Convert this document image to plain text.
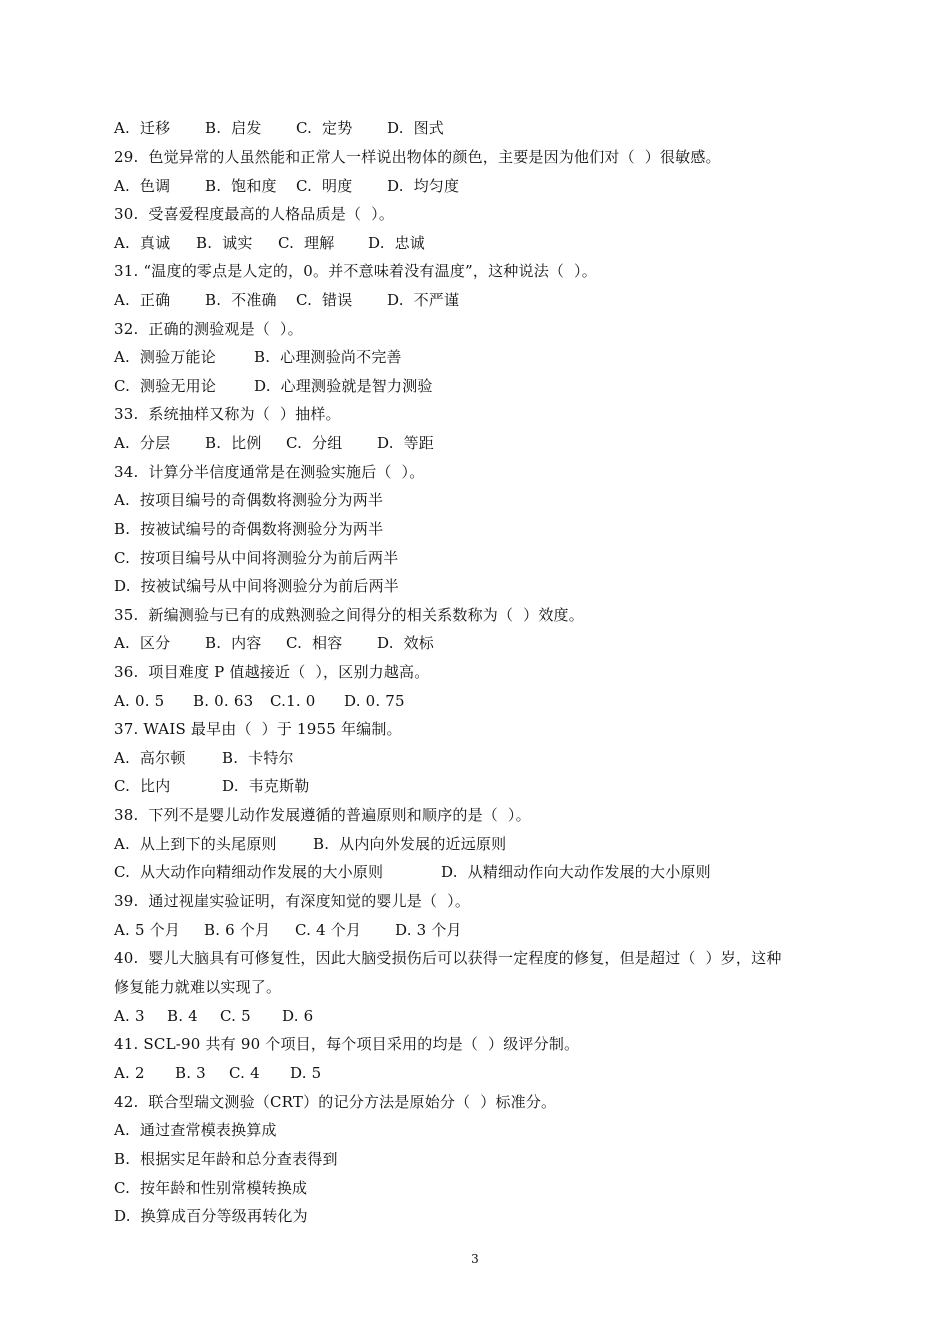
A.  迁移 B.  启发 C.  定势 D.  图式
29.  色觉异常的人虽然能和正常人一样说出物体的颜色，主要是因为他们对（  ）很敏感。
A.  色调 B.  饱和度 C.  明度 D.  均匀度
30.  受喜爱程度最高的人格品质是（  ）。
A.  真诚 B.  诚实 C.  理解 D.  忠诚
31. “温度的零点是人定的，0。并不意味着没有温度”，这种说法（  ）。
A.  正确 B.  不准确 C.  错误 D.  不严谨
32.  正确的测验观是（  ）。
A.  测验万能论	B.  心理测验尚不完善
C.  测验无用论	D.  心理测验就是智力测验
33.  系统抽样又称为（  ）抽样。
A.  分层 B.  比例 C.  分组 D.  等距
34.  计算分半信度通常是在测验实施后（  ）。
A.  按项目编号的奇偶数将测验分为两半
B.  按被试编号的奇偶数将测验分为两半
C.  按项目编号从中间将测验分为前后两半
D.  按被试编号从中间将测验分为前后两半
35.  新编测验与已有的成熟测验之间得分的相关系数称为（  ）效度。
A.  区分 B.  内容 C.  相容 D.  效标
36.  项目难度 P 值越接近（  ），区别力越高。
A. 0. 5 B. 0. 63 C.1. 0 D. 0. 75
37. WAIS 最早由（  ）于 1955 年编制。
A.  高尔顿 B.  卡特尔
C.  比内	D.  韦克斯勒
38.  下列不是婴儿动作发展遵循的普遍原则和顺序的是（  ）。
A.  从上到下的头尾原则 B.  从内向外发展的近远原则
C.  从大动作向精细动作发展的大小原则	D.  从精细动作向大动作发展的大小原则
39.  通过视崖实验证明，有深度知觉的婴儿是（  ）。
A. 5 个月 B. 6 个月 C. 4 个月 D. 3 个月
40.  婴儿大脑具有可修复性，因此大脑受损伤后可以获得一定程度的修复，但是超过（  ）岁，这种
修复能力就难以实现了。
A. 3 B. 4 C. 5 D. 6
41. SCL-90 共有 90 个项目，每个项目采用的均是（  ）级评分制。
A. 2 B. 3 C. 4 D. 5
42.  联合型瑞文测验（CRT）的记分方法是原始分（  ）标准分。
A.  通过查常模表换算成
B.  根据实足年龄和总分查表得到
C.  按年龄和性别常模转换成
D.  换算成百分等级再转化为
3
